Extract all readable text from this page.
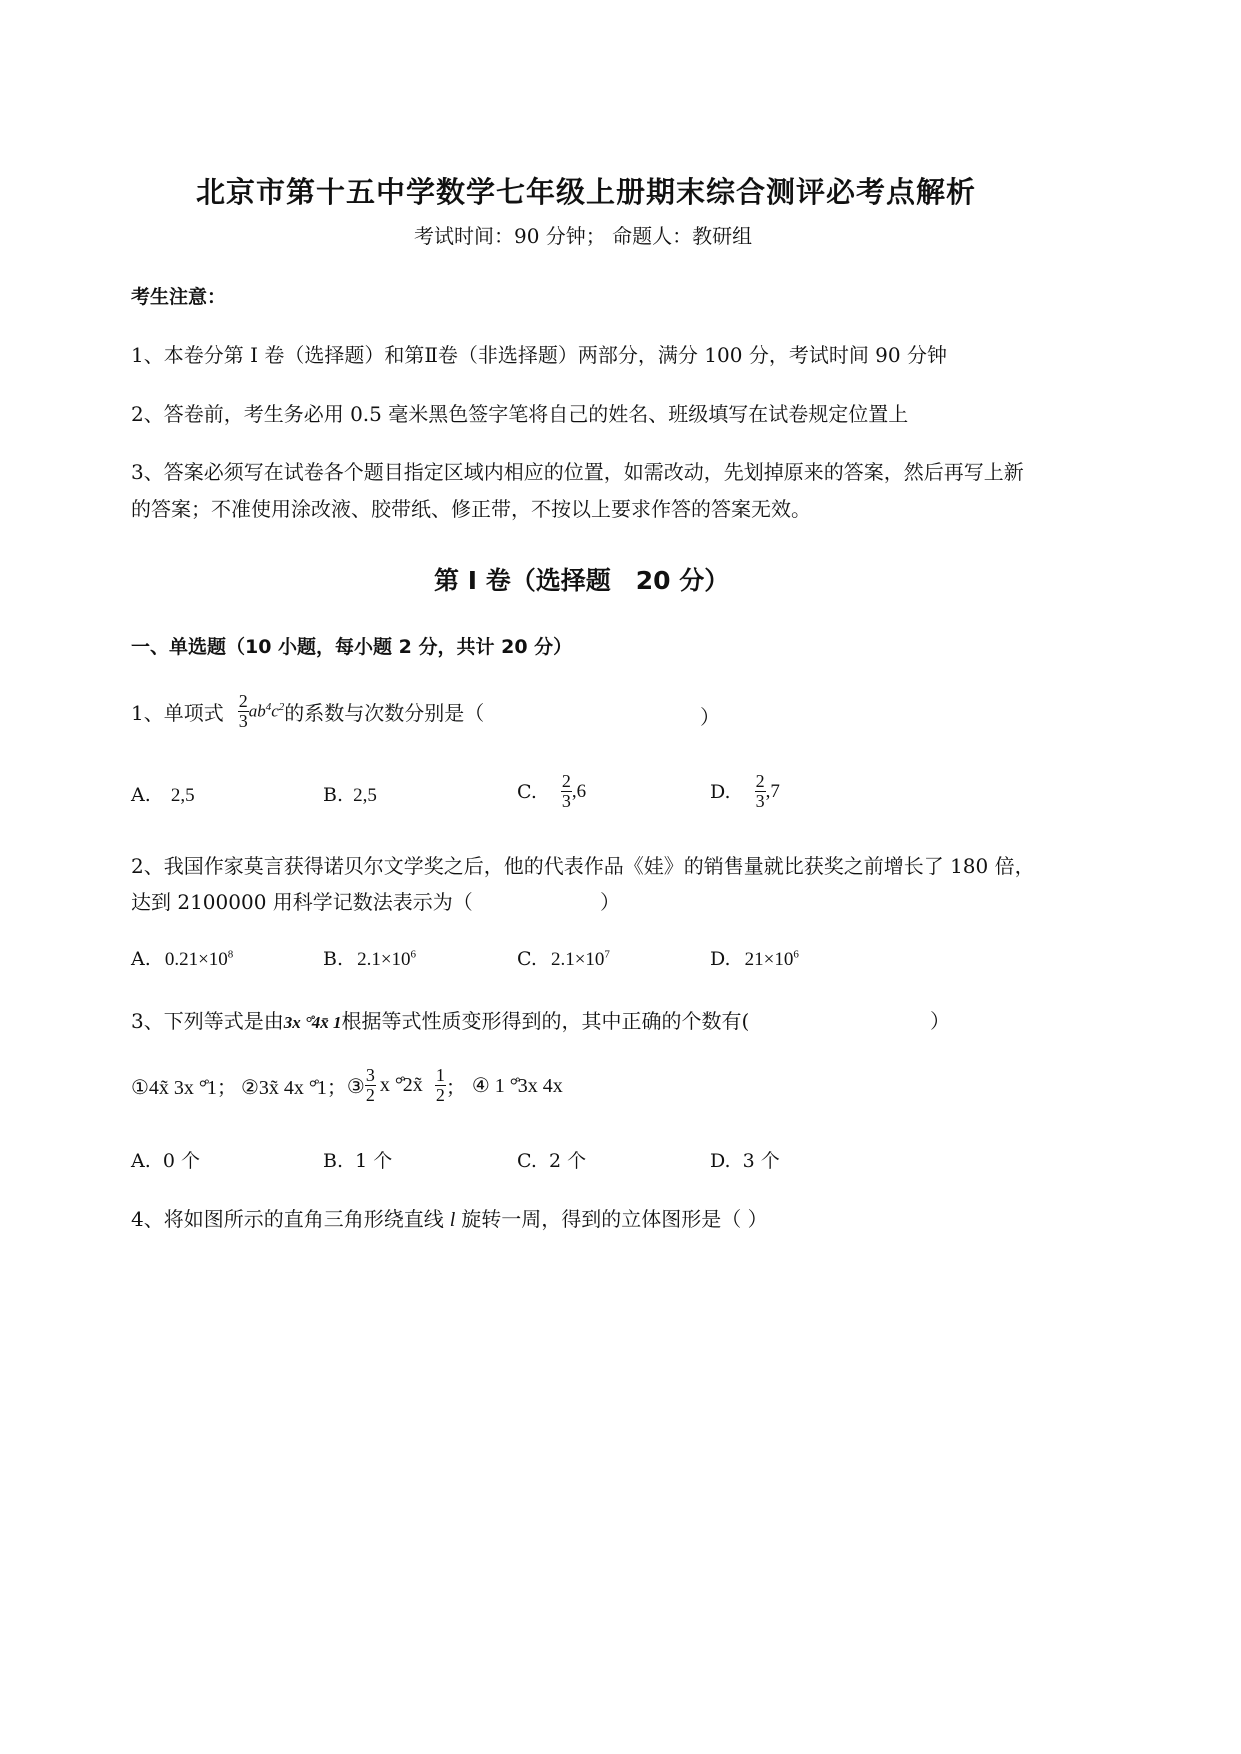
北京市第十五中学数学七年级上册期末综合测评必考点解析
考试时间：90 分钟； 命题人：教研组
考生注意：
1、本卷分第 I 卷（选择题）和第Ⅱ卷（非选择题）两部分，满分 100 分，考试时间 90 分钟
2、答卷前，考生务必用 0.5 毫米黑色签字笔将自己的姓名、班级填写在试卷规定位置上
3、答案必须写在试卷各个题目指定区域内相应的位置，如需改动，先划掉原来的答案，然后再写上新
的答案；不准使用涂改液、胶带纸、修正带，不按以上要求作答的答案无效。
第 I 卷（选择题　20 分）
一、单选题（10 小题，每小题 2 分，共计 20 分）
1、单项式 $\frac{2}{3} ab^4c^2$ 的系数与次数分别是（	）
A. 2,5	B. 2,5	C. $\frac{2}{3} ,6$	D. $\frac{2}{3} ,7$
2、我国作家莫言获得诺贝尔文学奖之后，他的代表作品《娃》的销售量就比获奖之前增长了 180 倍，
达到 2100000 用科学记数法表示为（	）
A. $0.21\times 10^8$	B. $2.1\times 10^6$	C. $2.1\times 10^7$	D. $21\times 10^6$
3、下列等式是由3x °̊4x̄ 1根据等式性质变形得到的，其中正确的个数有(	）
①4x̃ 3x °̊1； ②3x̃ 4x °̊1； ③ $\frac{3}{2}$ x °̊2x̃ $\frac{1}{2}$ ； ④ 1 °̊3x 4x
A. 0 个	B. 1 个	C. 2 个	D. 3 个
4、将如图所示的直角三角形绕直线 l 旋转一周，得到的立体图形是（ ）
